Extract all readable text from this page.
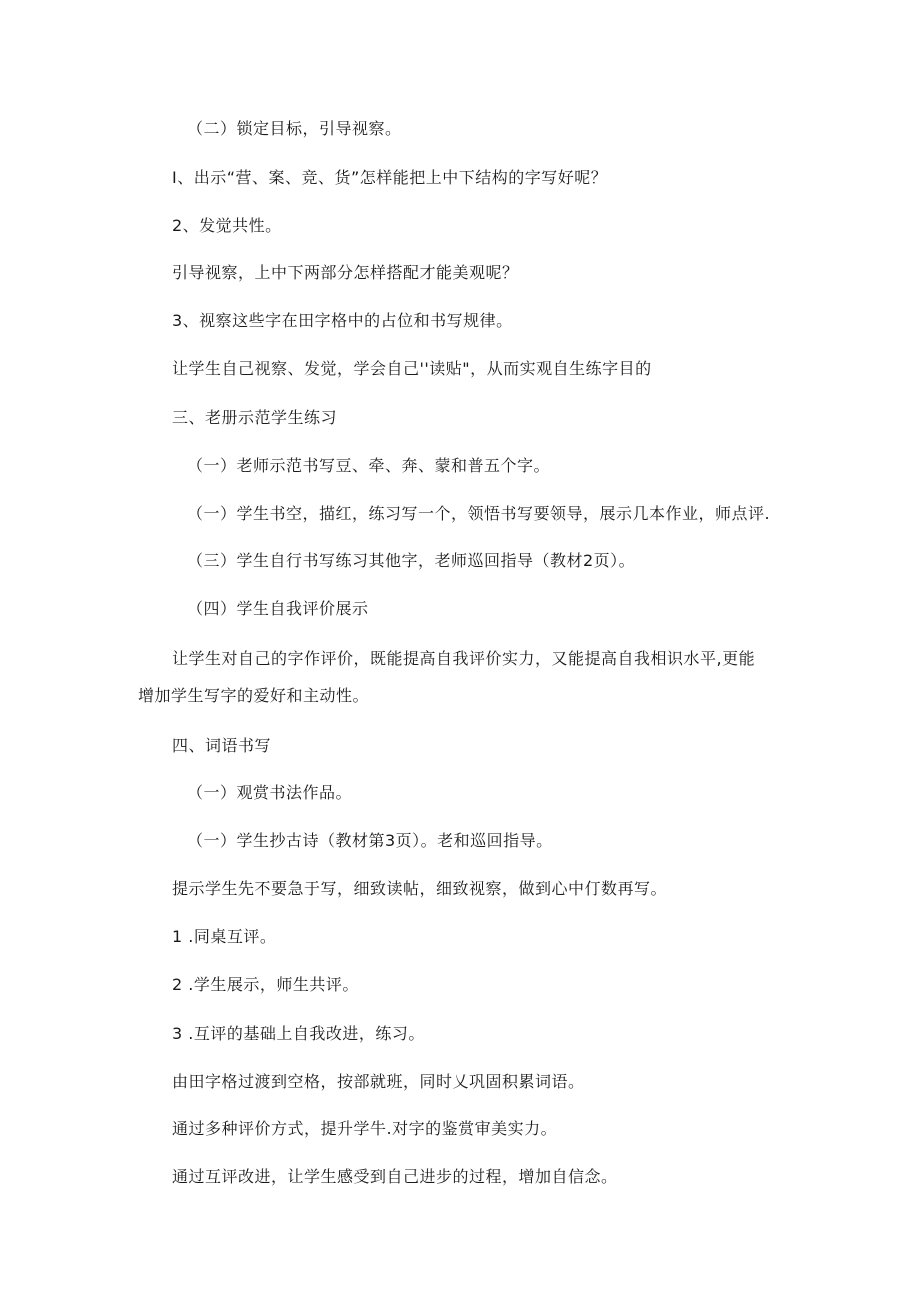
（二）锁定目标，引导视察。
I、出示“营、案、竞、货”怎样能把上中下结构的字写好呢？
2、发觉共性。
引导视察，上中下两部分怎样搭配才能美观呢？
3、视察这些字在田字格中的占位和书写规律。
让学生自己视察、发觉，学会自己''读贴"，从而实观自生练字目的
三、老册示范学生练习
（一）老师示范书写豆、牵、奔、蒙和普五个字。
（一）学生书空，描红，练习写一个，领悟书写要领导，展示几本作业，师点评.
（三）学生自行书写练习其他字，老师巡回指导（教材2页）。
（四）学生自我评价展示
让学生对自己的字作评价，既能提高自我评价实力，又能提高自我相识水平,更能
增加学生写字的爱好和主动性。
四、词语书写
（一）观赏书法作品。
（一）学生抄古诗（教材第3页）。老和巡回指导。
提示学生先不要急于写，细致读帖，细致视察，做到心中仃数再写。
1 .同桌互评。
2 .学生展示，师生共评。
3 .互评的基础上自我改进，练习。
由田字格过渡到空格，按部就班，同时乂巩固积累词语。
通过多种评价方式，提升学牛.对字的鉴赏审美实力。
通过互评改进，让学生感受到自己进步的过程，增加自信念。
